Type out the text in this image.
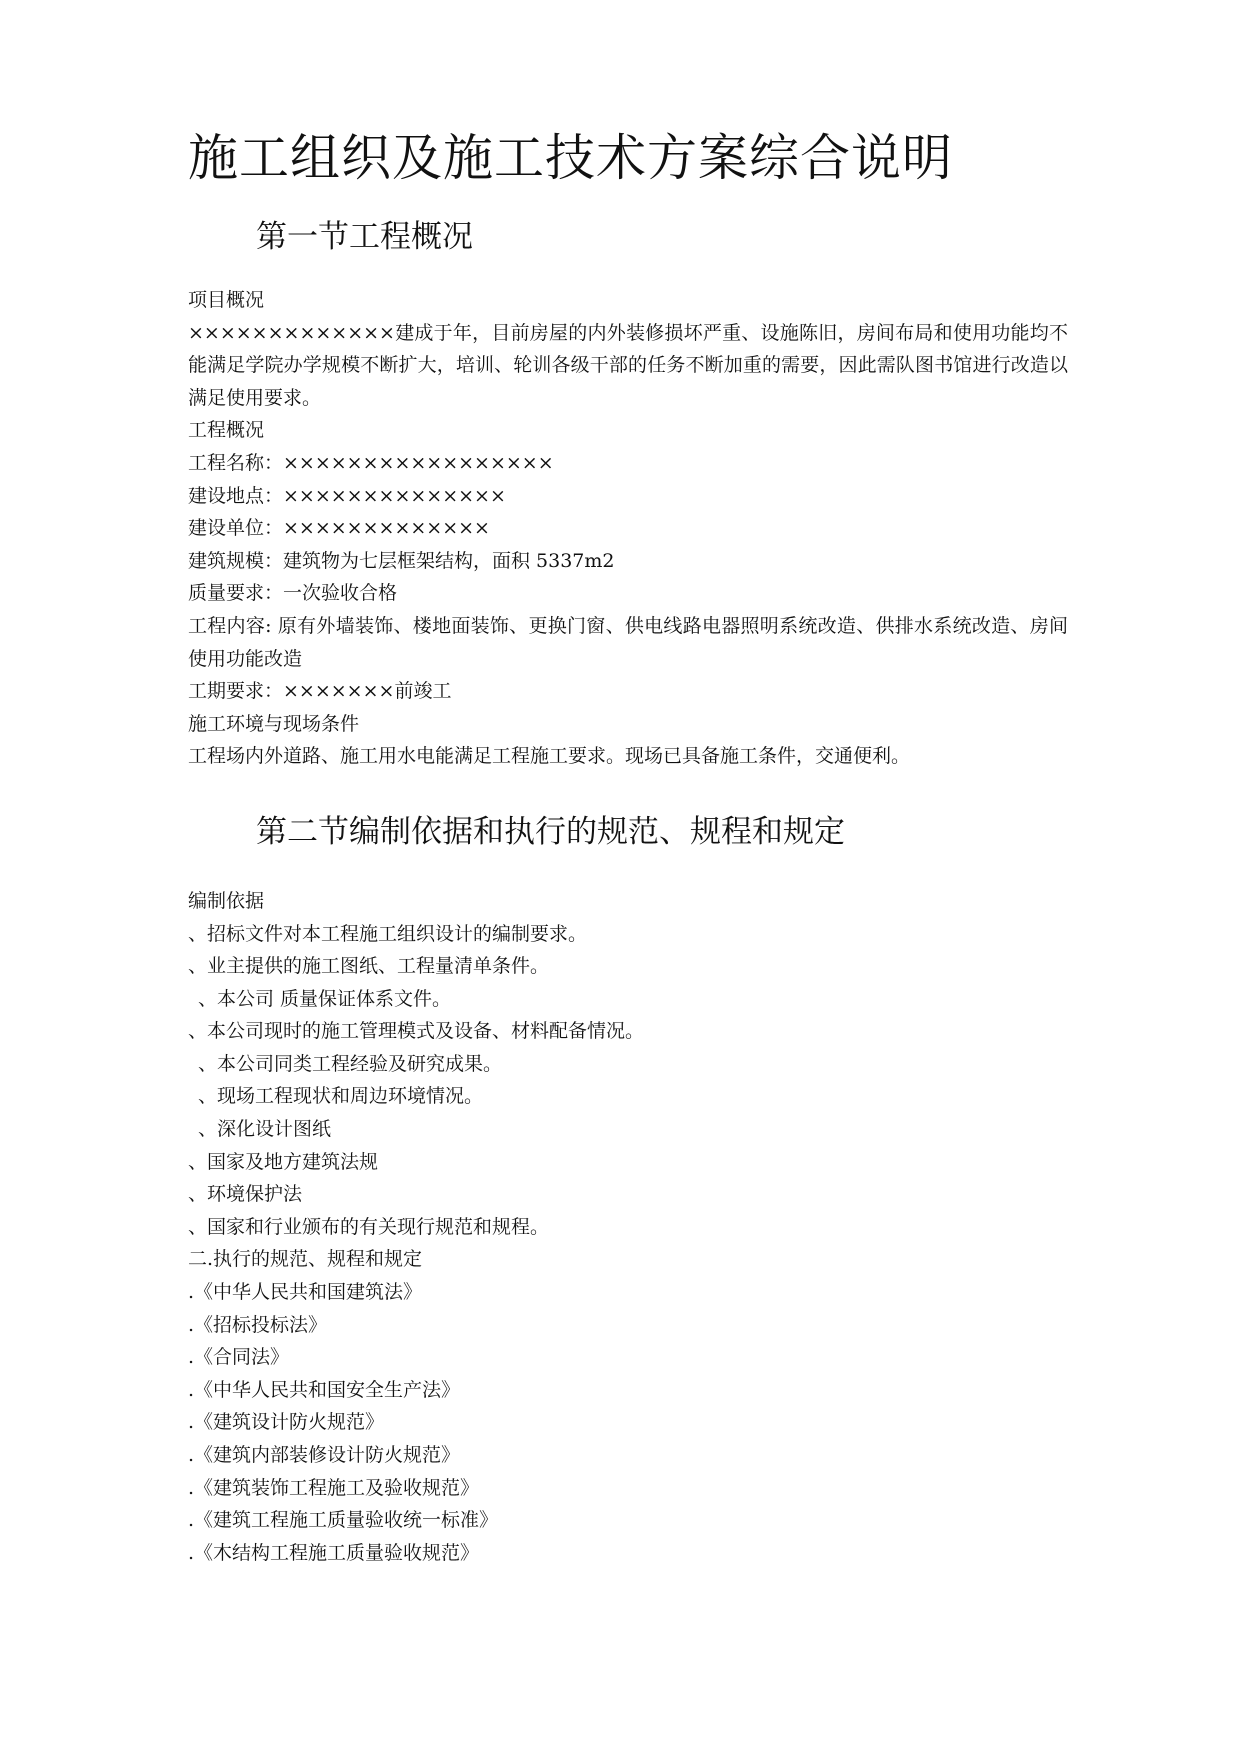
施工组织及施工技术方案综合说明
第一节工程概况
项目概况
×××××××××××××建成于年，目前房屋的内外装修损坏严重、设施陈旧，房间布局和使用功能均不能满足学院办学规模不断扩大，培训、轮训各级干部的任务不断加重的需要，因此需队图书馆进行改造以满足使用要求。
工程概况
工程名称：×××××××××××××××××
建设地点：××××××××××××××
建设单位：×××××××××××××
建筑规模：建筑物为七层框架结构，面积 5337m2
质量要求：一次验收合格
工程内容: 原有外墙装饰、楼地面装饰、更换门窗、供电线路电器照明系统改造、供排水系统改造、房间使用功能改造
工期要求：×××××××前竣工
施工环境与现场条件
工程场内外道路、施工用水电能满足工程施工要求。现场已具备施工条件，交通便利。
第二节编制依据和执行的规范、规程和规定
编制依据
、招标文件对本工程施工组织设计的编制要求。
、业主提供的施工图纸、工程量清单条件。
、本公司 质量保证体系文件。
、本公司现时的施工管理模式及设备、材料配备情况。
、本公司同类工程经验及研究成果。
、现场工程现状和周边环境情况。
、深化设计图纸
、国家及地方建筑法规
、环境保护法
、国家和行业颁布的有关现行规范和规程。
二.执行的规范、规程和规定
.《中华人民共和国建筑法》
.《招标投标法》
.《合同法》
.《中华人民共和国安全生产法》
.《建筑设计防火规范》
.《建筑内部装修设计防火规范》
.《建筑装饰工程施工及验收规范》
.《建筑工程施工质量验收统一标准》
.《木结构工程施工质量验收规范》
